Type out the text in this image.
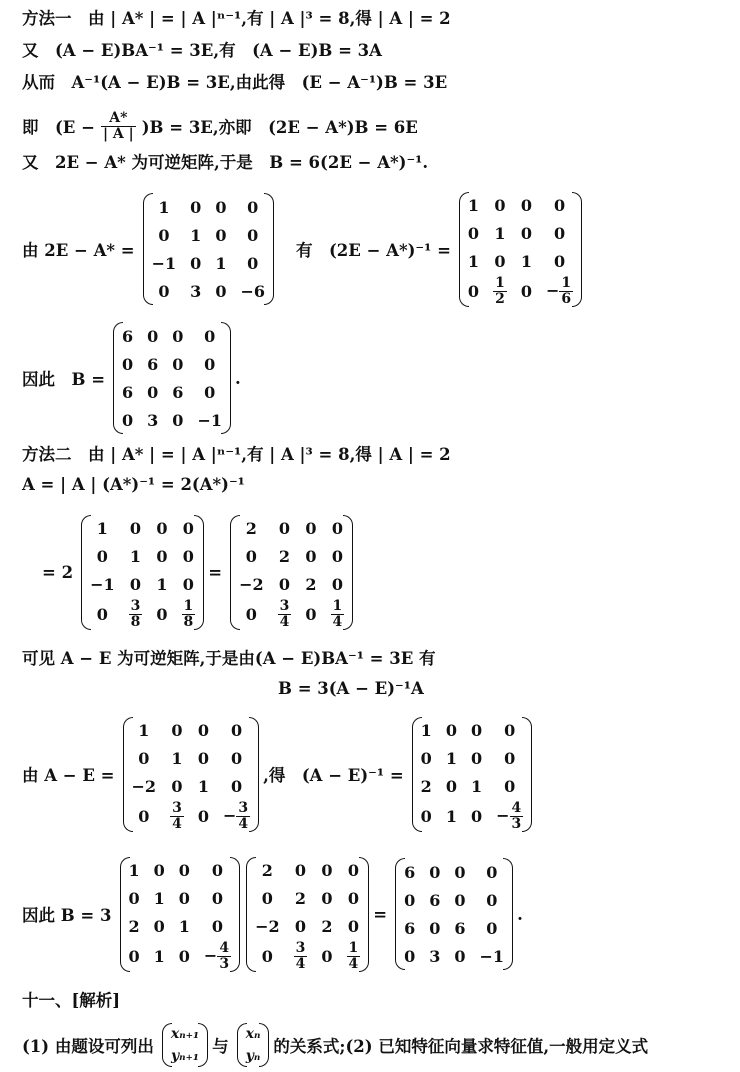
方法一　由 | A* | = | A |ⁿ⁻¹,有 | A |³ = 8,得 | A | = 2
又　(A − E)BA⁻¹ = 3E,有　(A − E)B = 3A
从而　A⁻¹(A − E)B = 3E,由此得　(E − A⁻¹)B = 3E
即　$(E - \frac{A*}{| A |} )B = 3E$,亦即　(2E − A*)B = 6E
又　2E − A* 为可逆矩阵,于是　B = 6(2E − A*)⁻¹.
由 2E − A* =
1	0	0	0
0	1	0	0
−1	0	1	0
0	3	0	−6
有　(2E − A*)⁻¹ =
1	0	0	0
0	1	0	0
1	0	1	0
0	$\frac{1}{2}$	0	− $\frac{1}{6}$
因此　B =
6	0	0	0
0	6	0	0
6	0	6	0
0	3	0	−1
.
方法二　由 | A* | = | A |ⁿ⁻¹,有 | A |³ = 8,得 | A | = 2
A = | A | (A*)⁻¹ = 2(A*)⁻¹
= 2
1	0	0	0
0	1	0	0
−1	0	1	0
0	$\frac{3}{8}$	0	$\frac{1}{8}$
=
2	0	0	0
0	2	0	0
−2	0	2	0
0	$\frac{3}{4}$	0	$\frac{1}{4}$
可见 A − E 为可逆矩阵,于是由(A − E)BA⁻¹ = 3E 有
B = 3(A − E)⁻¹A
由 A − E =
1	0	0	0
0	1	0	0
−2	0	1	0
0	$\frac{3}{4}$	0	− $\frac{3}{4}$
,得　(A − E)⁻¹ =
1	0	0	0
0	1	0	0
2	0	1	0
0	1	0	− $\frac{4}{3}$
因此 B = 3
1	0	0	0
0	1	0	0
2	0	1	0
0	1	0	− $\frac{4}{3}$
2	0	0	0
0	2	0	0
−2	0	2	0
0	$\frac{3}{4}$	0	$\frac{1}{4}$
=
6	0	0	0
0	6	0	0
6	0	6	0
0	3	0	−1
.
十一、[解析]
(1) 由题设可列出
xₙ₊₁
yₙ₊₁ 与
xₙ
yₙ 的关系式;(2) 已知特征向量求特征值,一般用定义式
